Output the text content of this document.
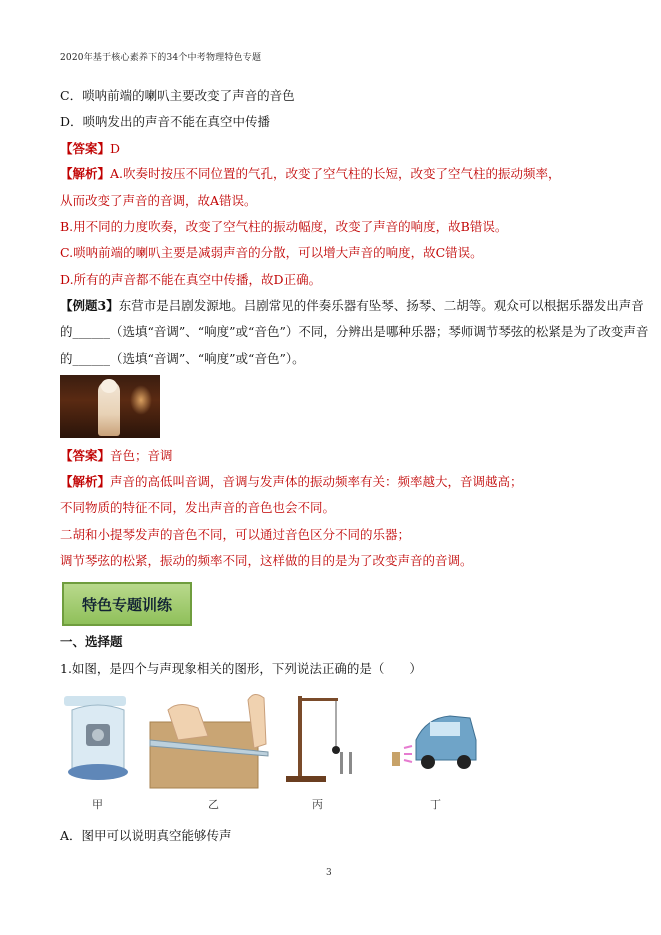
2020年基于核心素养下的34个中考物理特色专题
C．唢呐前端的喇叭主要改变了声音的音色
D．唢呐发出的声音不能在真空中传播
【答案】D
【解析】A.吹奏时按压不同位置的气孔，改变了空气柱的长短，改变了空气柱的振动频率，
从而改变了声音的音调，故A错误。
B.用不同的力度吹奏，改变了空气柱的振动幅度，改变了声音的响度，故B错误。
C.唢呐前端的喇叭主要是减弱声音的分散，可以增大声音的响度，故C错误。
D.所有的声音都不能在真空中传播，故D正确。
【例题3】东营市是吕剧发源地。吕剧常见的伴奏乐器有坠琴、扬琴、二胡等。观众可以根据乐器发出声音
的______（选填“音调”、“响度”或“音色”）不同，分辨出是哪种乐器；琴师调节琴弦的松紧是为了改变声音
的______（选填“音调”、“响度”或“音色”）。
【答案】音色；音调
【解析】声音的高低叫音调，音调与发声体的振动频率有关：频率越大，音调越高；
不同物质的特征不同，发出声音的音色也会不同。
二胡和小提琴发声的音色不同，可以通过音色区分不同的乐器；
调节琴弦的松紧，振动的频率不同，这样做的目的是为了改变声音的音调。
特色专题训练
一、选择题
1.如图，是四个与声现象相关的图形，下列说法正确的是（　　）
甲	乙	丙	丁
A．图甲可以说明真空能够传声
3
